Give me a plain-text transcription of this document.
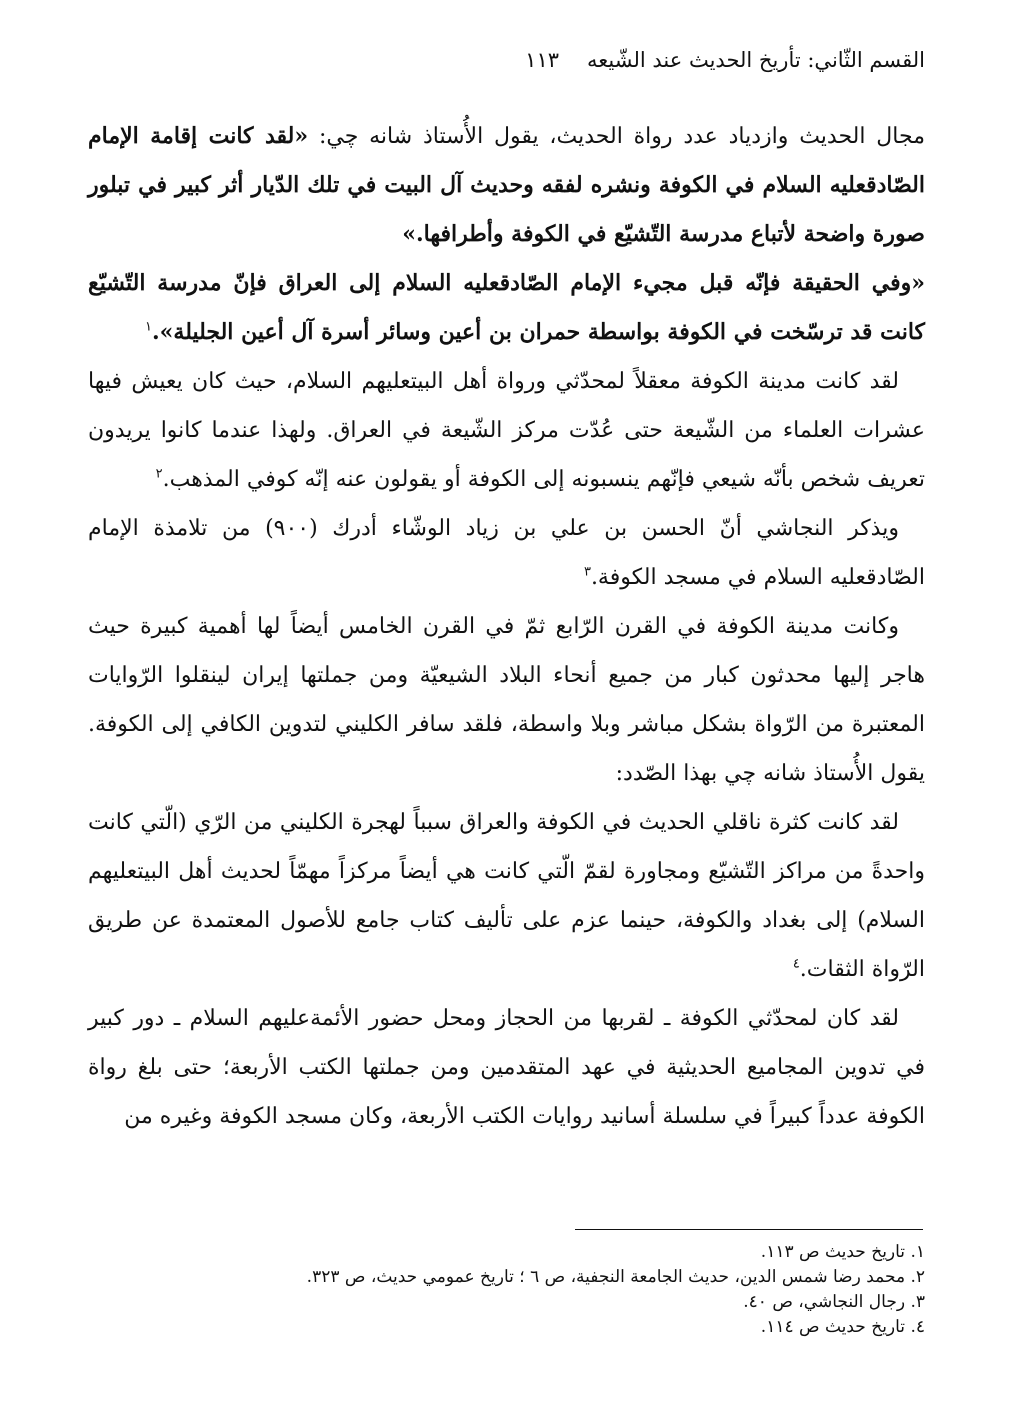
القسم الثّاني: تأريخ الحديث عند الشّيعه
١١٣

مجال الحديث وازدياد عدد رواة الحديث، يقول الأُستاذ شانه چي: «لقد كانت إقامة الإمام الصّادقعليه السلام في الكوفة ونشره لفقه وحديث آل البيت في تلك الدّيار أثر كبير في تبلور صورة واضحة لأتباع مدرسة التّشيّع في الكوفة وأطرافها.»

«وفي الحقيقة فإنّه قبل مجيء الإمام الصّادقعليه السلام إلى العراق فإنّ مدرسة التّشيّع كانت قد ترسّخت في الكوفة بواسطة حمران بن أعين وسائر أسرة آل أعين الجليلة».$^١$

لقد كانت مدينة الكوفة معقلاً لمحدّثي ورواة أهل البيتعليهم السلام، حيث كان يعيش فيها عشرات العلماء من الشّيعة حتى عُدّت مركز الشّيعة في العراق. ولهذا عندما كانوا يريدون تعريف شخص بأنّه شيعي فإنّهم ينسبونه إلى الكوفة أو يقولون عنه إنّه كوفي المذهب.$^٢$

ويذكر النجاشي أنّ الحسن بن علي بن زياد الوشّاء أدرك (٩٠٠) من تلامذة الإمام الصّادقعليه السلام في مسجد الكوفة.$^٣$

وكانت مدينة الكوفة في القرن الرّابع ثمّ في القرن الخامس أيضاً لها أهمية كبيرة حيث هاجر إليها محدثون كبار من جميع أنحاء البلاد الشيعيّة ومن جملتها إيران لينقلوا الرّوايات المعتبرة من الرّواة بشكل مباشر وبلا واسطة، فلقد سافر الكليني لتدوين الكافي إلى الكوفة. يقول الأُستاذ شانه چي بهذا الصّدد:

لقد كانت كثرة ناقلي الحديث في الكوفة والعراق سبباً لهجرة الكليني من الرّي (الّتي كانت واحدةً من مراكز التّشيّع ومجاورة لقمّ الّتي كانت هي أيضاً مركزاً مهمّاً لحديث أهل البيتعليهم السلام) إلى بغداد والكوفة، حينما عزم على تأليف كتاب جامع للأصول المعتمدة عن طريق الرّواة الثقات.$^٤$

لقد كان لمحدّثي الكوفة ـ لقربها من الحجاز ومحل حضور الأئمةعليهم السلام ـ دور كبير في تدوين المجاميع الحديثية في عهد المتقدمين ومن جملتها الكتب الأربعة؛ حتى بلغ رواة الكوفة عدداً كبيراً في سلسلة أسانيد روايات الكتب الأربعة، وكان مسجد الكوفة وغيره من

١. تاريخ حديث ص ١١٣.

٢. محمد رضا شمس الدين، حديث الجامعة النجفية، ص ٦ ؛ تاريخ عمومي حديث، ص ٣٢٣.

٣. رجال النجاشي، ص ٤٠.

٤. تاريخ حديث ص ١١٤.
